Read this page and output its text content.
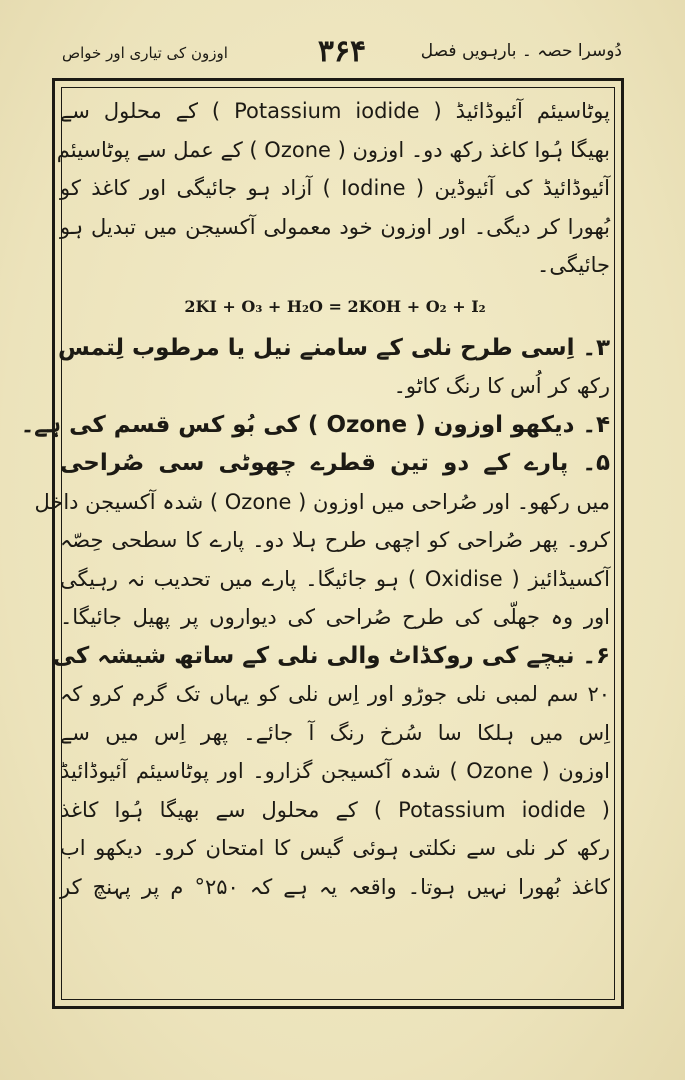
دُوسرا حصہ ۔ بارہویں فصل
۳۶۴
اوزون کی تیاری اور خواص
پوٹاسیئم آئیوڈائیڈ ( Potassium iodide ) کے محلول سے
بھیگا ہُوا کاغذ رکھ دو۔ اوزون ( Ozone ) کے عمل سے پوٹاسیئم
آئیوڈائیڈ کی آئیوڈین ( Iodine ) آزاد ہو جائیگی اور کاغذ کو
بُھورا کر دیگی۔ اور اوزون خود معمولی آکسیجن میں تبدیل ہو
جائیگی۔
2KI + O₃ + H₂O = 2KOH + O₂ + I₂
۳۔ اِسی طرح نلی کے سامنے نیل یا مرطوب لِتمس
رکھ کر اُس کا رنگ کاٹو۔
۴۔ دیکھو اوزون ( Ozone ) کی بُو کس قسم کی ہے۔
۵۔ پارے کے دو تین قطرے چھوٹی سی صُراحی
میں رکھو۔ اور صُراحی میں اوزون ( Ozone ) شدہ آکسیجن داخل
کرو۔ پھر صُراحی کو اچھی طرح ہلا دو۔ پارے کا سطحی حِصّہ
آکسیڈائیز ( Oxidise ) ہو جائیگا۔ پارے میں تحدیب نہ رہیگی
اور وہ جھلّی کی طرح صُراحی کی دیواروں پر پھیل جائیگا۔
۶۔ نیچے کی روکڈاٹ والی نلی کے ساتھ شیشہ کی
۲۰ سم لمبی نلی جوڑو اور اِس نلی کو یہاں تک گرم کرو کہ
اِس میں ہلکا سا سُرخ رنگ آ جائے۔ پھر اِس میں سے
اوزون ( Ozone ) شدہ آکسیجن گزارو۔ اور پوٹاسیئم آئیوڈائیڈ
( Potassium iodide ) کے محلول سے بھیگا ہُوا کاغذ
رکھ کر نلی سے نکلتی ہوئی گیس کا امتحان کرو۔ دیکھو اب
کاغذ بُھورا نہیں ہوتا۔ واقعہ یہ ہے کہ ۲۵۰° م پر پہنچ کر
